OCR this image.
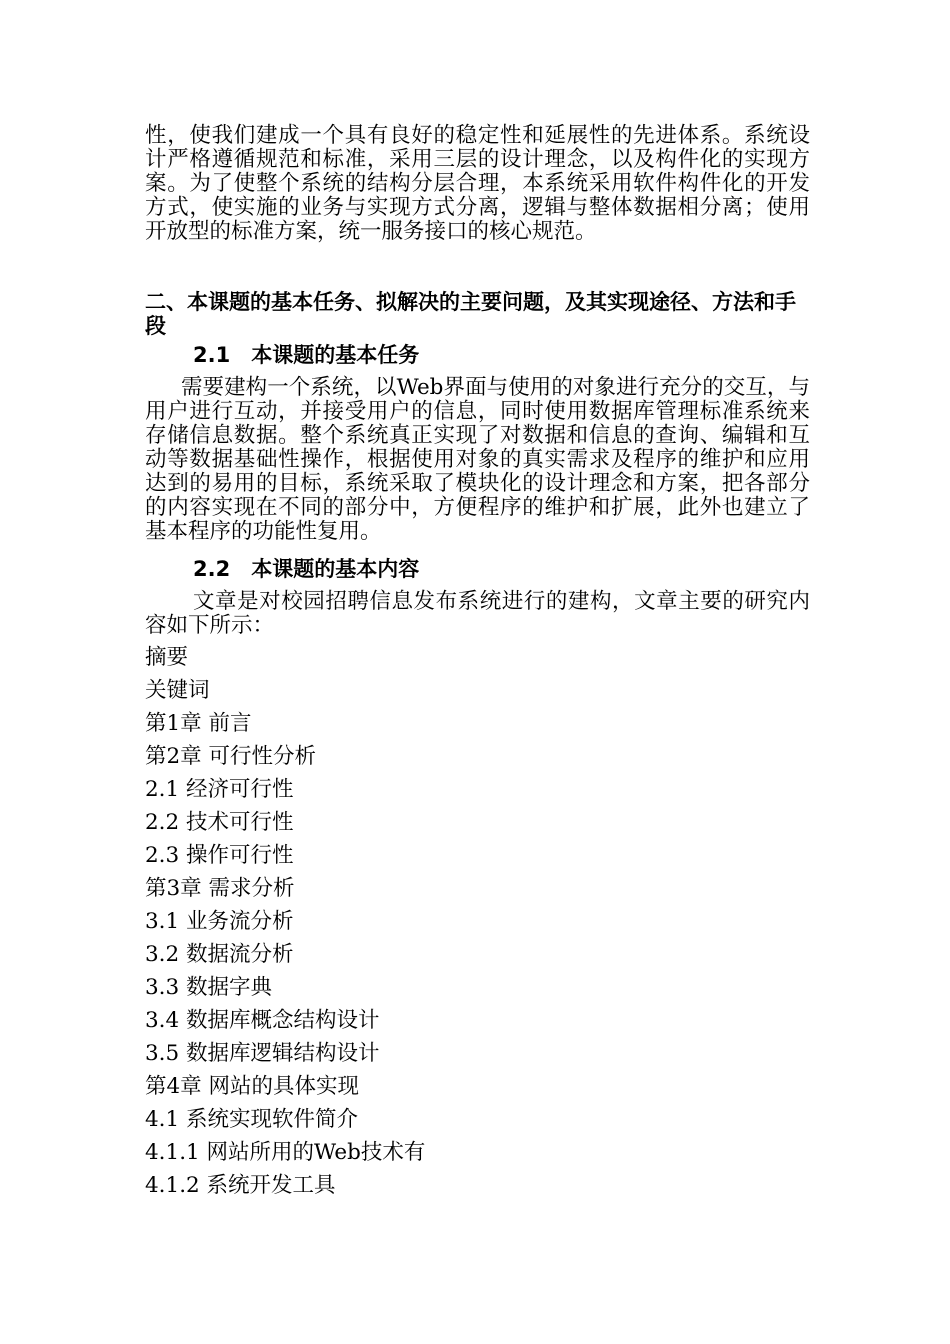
性，使我们建成一个具有良好的稳定性和延展性的先进体系。系统设计严格遵循规范和标准，采用三层的设计理念，以及构件化的实现方案。为了使整个系统的结构分层合理，本系统采用软件构件化的开发方式，使实施的业务与实现方式分离，逻辑与整体数据相分离；使用开放型的标准方案，统一服务接口的核心规范。

二、本课题的基本任务、拟解决的主要问题，及其实现途径、方法和手段

2.1　本课题的基本任务

需要建构一个系统，以Web界面与使用的对象进行充分的交互，与用户进行互动，并接受用户的信息，同时使用数据库管理标准系统来存储信息数据。整个系统真正实现了对数据和信息的查询、编辑和互动等数据基础性操作，根据使用对象的真实需求及程序的维护和应用达到的易用的目标，系统采取了模块化的设计理念和方案，把各部分的内容实现在不同的部分中，方便程序的维护和扩展，此外也建立了基本程序的功能性复用。

2.2　本课题的基本内容

文章是对校园招聘信息发布系统进行的建构，文章主要的研究内容如下所示：

摘要
关键词
第1章 前言
第2章 可行性分析
2.1 经济可行性
2.2 技术可行性
2.3 操作可行性
第3章 需求分析
3.1 业务流分析
3.2 数据流分析
3.3 数据字典
3.4 数据库概念结构设计
3.5 数据库逻辑结构设计
第4章 网站的具体实现
4.1 系统实现软件简介
4.1.1 网站所用的Web技术有
4.1.2 系统开发工具
